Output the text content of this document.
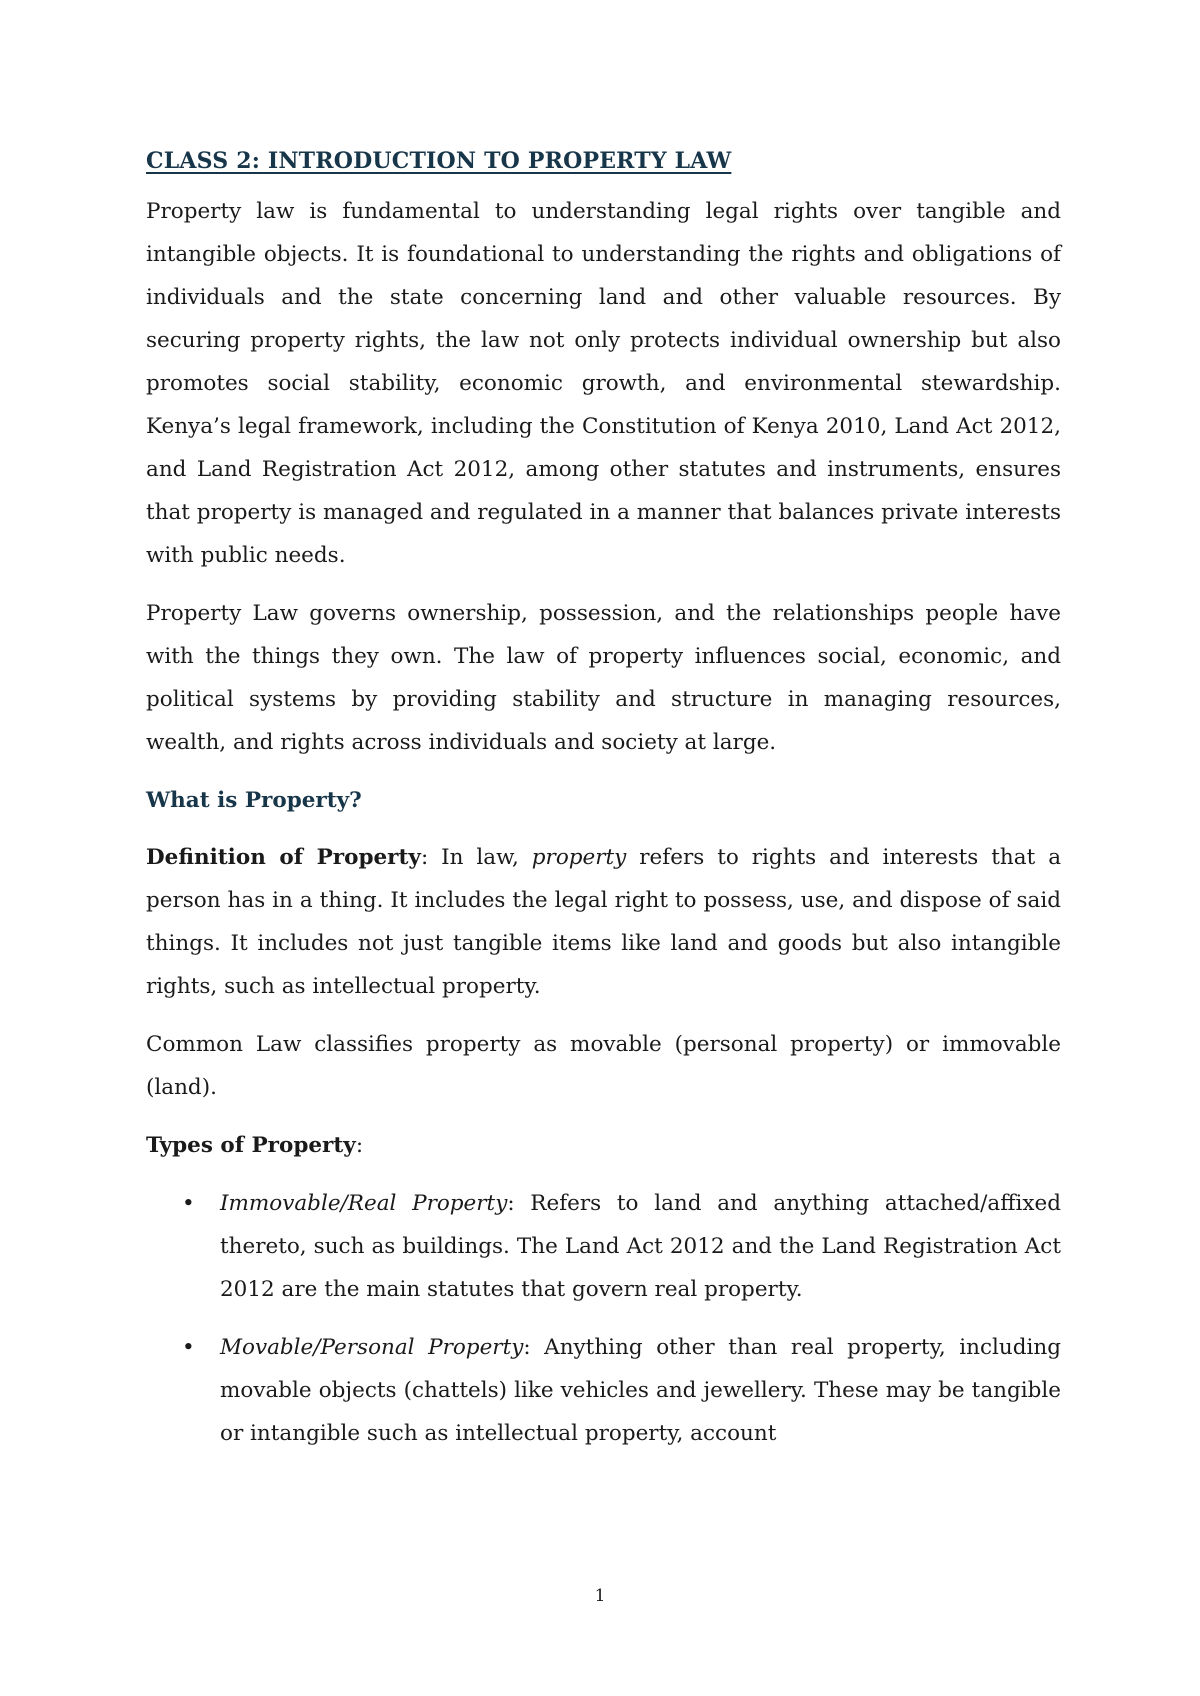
CLASS 2: INTRODUCTION TO PROPERTY LAW

Property law is fundamental to understanding legal rights over tangible and intangible objects. It is foundational to understanding the rights and obligations of individuals and the state concerning land and other valuable resources. By securing property rights, the law not only protects individual ownership but also promotes social stability, economic growth, and environmental stewardship. Kenya’s legal framework, including the Constitution of Kenya 2010, Land Act 2012, and Land Registration Act 2012, among other statutes and instruments, ensures that property is managed and regulated in a manner that balances private interests with public needs.

Property Law governs ownership, possession, and the relationships people have with the things they own. The law of property influences social, economic, and political systems by providing stability and structure in managing resources, wealth, and rights across individuals and society at large.

What is Property?

Definition of Property: In law, property refers to rights and interests that a person has in a thing. It includes the legal right to possess, use, and dispose of said things. It includes not just tangible items like land and goods but also intangible rights, such as intellectual property.

Common Law classifies property as movable (personal property) or immovable (land).

Types of Property:
• Immovable/Real Property: Refers to land and anything attached/affixed thereto, such as buildings. The Land Act 2012 and the Land Registration Act 2012 are the main statutes that govern real property.
• Movable/Personal Property: Anything other than real property, including movable objects (chattels) like vehicles and jewellery. These may be tangible or intangible such as intellectual property, account
1
